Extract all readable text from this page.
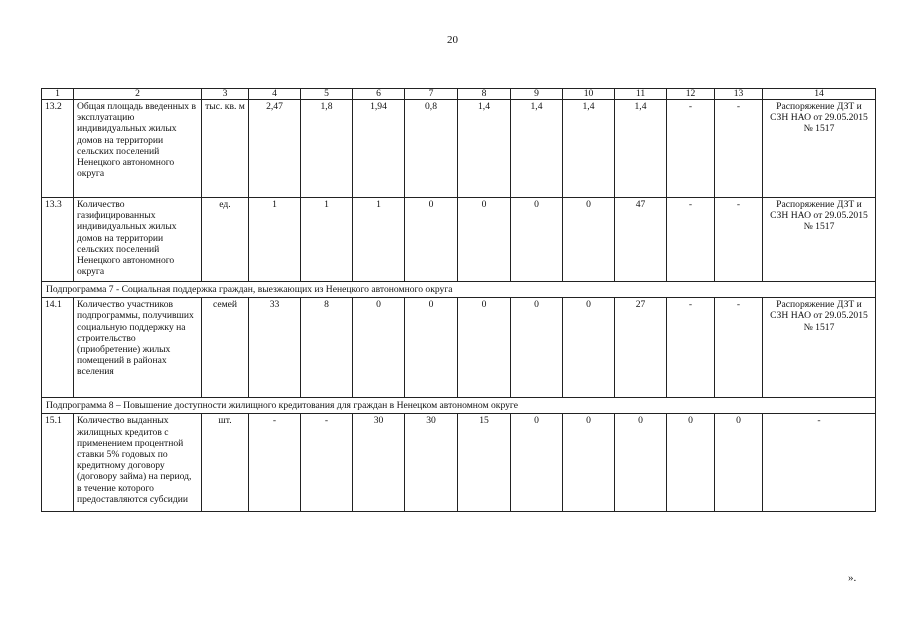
20
1	2	3	4	5	6	7	8	9	10	11	12	13	14
13.2	Общая площадь введенных в эксплуатацию индивидуальных жилых домов на территории сельских поселений Ненецкого автономного округа	тыс. кв. м	2,47	1,8	1,94	0,8	1,4	1,4	1,4	1,4	-	-	Распоряжение ДЗТ и СЗН НАО от 29.05.2015 № 1517
13.3	Количество газифицированных индивидуальных жилых домов на территории сельских поселений Ненецкого автономного округа	ед.	1	1	1	0	0	0	0	47	-	-	Распоряжение ДЗТ и СЗН НАО от 29.05.2015 № 1517
Подпрограмма 7 - Социальная поддержка граждан, выезжающих из Ненецкого автономного округа													
14.1	Количество участников подпрограммы, получивших социальную поддержку на строительство (приобретение) жилых помещений в районах вселения	семей	33	8	0	0	0	0	0	27	-	-	Распоряжение ДЗТ и СЗН НАО от 29.05.2015 № 1517
Подпрограмма 8 – Повышение доступности жилищного кредитования для граждан в Ненецком автономном округе													
15.1	Количество выданных жилищных кредитов с применением процентной ставки 5% годовых по кредитному договору (договору займа) на период, в течение которого предоставляются субсидии	шт.	-	-	30	30	15	0	0	0	0	0	-
».
